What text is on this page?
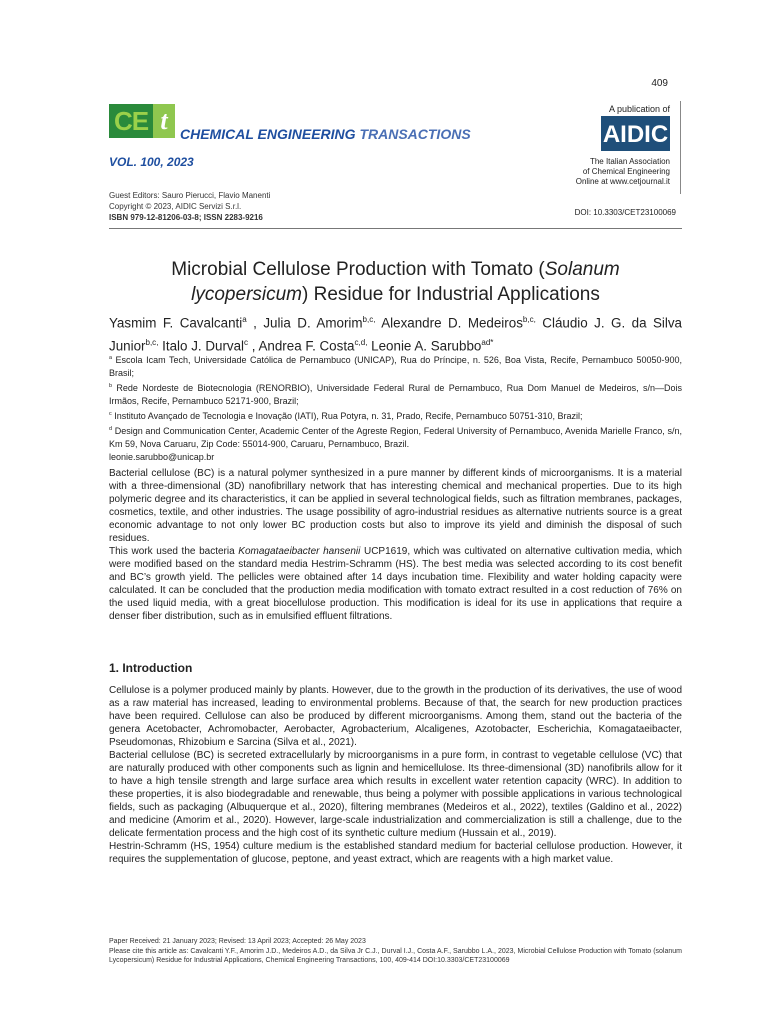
409
CE t CHEMICAL ENGINEERING TRANSACTIONS
VOL. 100, 2023
A publication of
AIDIC
The Italian Association
of Chemical Engineering
Online at www.cetjournal.it
Guest Editors: Sauro Pierucci, Flavio Manenti
Copyright © 2023, AIDIC Servizi S.r.l.
ISBN 979-12-81206-03-8; ISSN 2283-9216
DOI: 10.3303/CET23100069
Microbial Cellulose Production with Tomato (Solanum
lycopersicum) Residue for Industrial Applications
Yasmim F. Cavalcanti$^a$ , Julia D. Amorim$^{b,c,}$ Alexandre D. Medeiros$^{b,c,}$ Cláudio J. G. da Silva Junior$^{b,c,}$ Italo J. Durval$^c$ , Andrea F. Costa$^{c,d,}$ Leonie A. Sarubbo$^{ad*}$
$^a$ Escola Icam Tech, Universidade Católica de Pernambuco (UNICAP), Rua do Príncipe, n. 526, Boa Vista, Recife, Pernambuco 50050-900, Brasil;
$^b$ Rede Nordeste de Biotecnologia (RENORBIO), Universidade Federal Rural de Pernambuco, Rua Dom Manuel de Medeiros, s/n—Dois Irmãos, Recife, Pernambuco 52171-900, Brazil;
$^c$ Instituto Avançado de Tecnologia e Inovação (IATI), Rua Potyra, n. 31, Prado, Recife, Pernambuco 50751-310, Brazil;
$^d$ Design and Communication Center, Academic Center of the Agreste Region, Federal University of Pernambuco, Avenida Marielle Franco, s/n, Km 59, Nova Caruaru, Zip Code: 55014-900, Caruaru, Pernambuco, Brazil.
leonie.sarubbo@unicap.br

Bacterial cellulose (BC) is a natural polymer synthesized in a pure manner by different kinds of microorganisms. It is a material with a three-dimensional (3D) nanofibrillary network that has interesting chemical and mechanical properties. Due to its high polymeric degree and its characteristics, it can be applied in several technological fields, such as filtration membranes, packages, cosmetics, textile, and other industries. The usage possibility of agro-industrial residues as alternative nutrients source is a great economic advantage to not only lower BC production costs but also to improve its yield and diminish the disposal of such residues.

This work used the bacteria Komagataeibacter hansenii UCP1619, which was cultivated on alternative cultivation media, which were modified based on the standard media Hestrim-Schramm (HS). The best media was selected according to its cost benefit and BC’s growth yield. The pellicles were obtained after 14 days incubation time. Flexibility and water holding capacity were calculated. It can be concluded that the production media modification with tomato extract resulted in a cost reduction of 76% on the used liquid media, with a great biocellulose production. This modification is ideal for its use in applications that require a denser fiber distribution, such as in emulsified effluent filtrations.

1. Introduction

Cellulose is a polymer produced mainly by plants. However, due to the growth in the production of its derivatives, the use of wood as a raw material has increased, leading to environmental problems. Because of that, the search for new production practices have been required. Cellulose can also be produced by different microorganisms. Among them, stand out the bacteria of the genera Acetobacter, Achromobacter, Aerobacter, Agrobacterium, Alcaligenes, Azotobacter, Escherichia, Komagataeibacter, Pseudomonas, Rhizobium e Sarcina (Silva et al., 2021).

Bacterial cellulose (BC) is secreted extracellularly by microorganisms in a pure form, in contrast to vegetable cellulose (VC) that are naturally produced with other components such as lignin and hemicellulose. Its three-dimensional (3D) nanofibrils allow for it to have a high tensile strength and large surface area which results in excellent water retention capacity (WRC). In addition to these properties, it is also biodegradable and renewable, thus being a polymer with possible applications in various technological fields, such as packaging (Albuquerque et al., 2020), filtering membranes (Medeiros et al., 2022), textiles (Galdino et al., 2022) and medicine (Amorim et al., 2020). However, large-scale industrialization and commercialization is still a challenge, due to the delicate fermentation process and the high cost of its synthetic culture medium (Hussain et al., 2019).

Hestrin-Schramm (HS, 1954) culture medium is the established standard medium for bacterial cellulose production. However, it requires the supplementation of glucose, peptone, and yeast extract, which are reagents with a high market value.

Paper Received: 21 January 2023; Revised: 13 April 2023; Accepted: 26 May 2023
Please cite this article as: Cavalcanti Y.F., Amorim J.D., Medeiros A.D., da Silva Jr C.J., Durval I.J., Costa A.F., Sarubbo L.A., 2023, Microbial Cellulose Production with Tomato (solanum Lycopersicum) Residue for Industrial Applications, Chemical Engineering Transactions, 100, 409-414 DOI:10.3303/CET23100069
